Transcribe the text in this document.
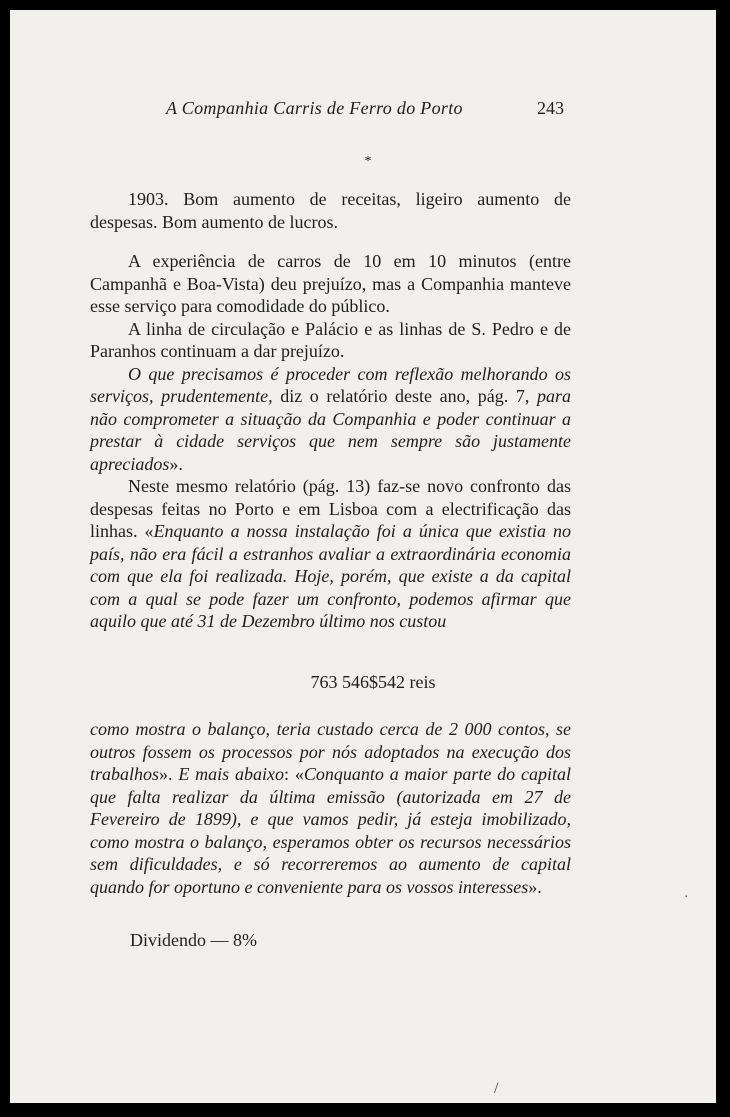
A Companhia Carris de Ferro do Porto	243
*

1903. Bom aumento de receitas, ligeiro aumento de despesas. Bom aumento de lucros.

A experiência de carros de 10 em 10 minutos (entre Campanhã e Boa-Vista) deu prejuízo, mas a Companhia manteve esse serviço para comodidade do público.

A linha de circulação e Palácio e as linhas de S. Pedro e de Paranhos continuam a dar prejuízo.

O que precisamos é proceder com reflexão melhorando os serviços, prudentemente, diz o relatório deste ano, pág. 7, para não comprometer a situação da Companhia e poder continuar a prestar à cidade serviços que nem sempre são justamente apreciados».

Neste mesmo relatório (pág. 13) faz-se novo confronto das despesas feitas no Porto e em Lisboa com a electrificação das linhas. «Enquanto a nossa instalação foi a única que existia no país, não era fácil a estranhos avaliar a extraordinária economia com que ela foi realizada. Hoje, porém, que existe a da capital com a qual se pode fazer um confronto, podemos afirmar que aquilo que até 31 de Dezembro último nos custou

763 546$542 reis

como mostra o balanço, teria custado cerca de 2 000 contos, se outros fossem os processos por nós adoptados na execução dos trabalhos». E mais abaixo: «Conquanto a maior parte do capital que falta realizar da última emissão (autorizada em 27 de Fevereiro de 1899), e que vamos pedir, já esteja imobilizado, como mostra o balanço, esperamos obter os recursos necessários sem dificuldades, e só recorreremos ao aumento de capital quando for oportuno e conveniente para os vossos interesses».

Dividendo — 8%
·
/
